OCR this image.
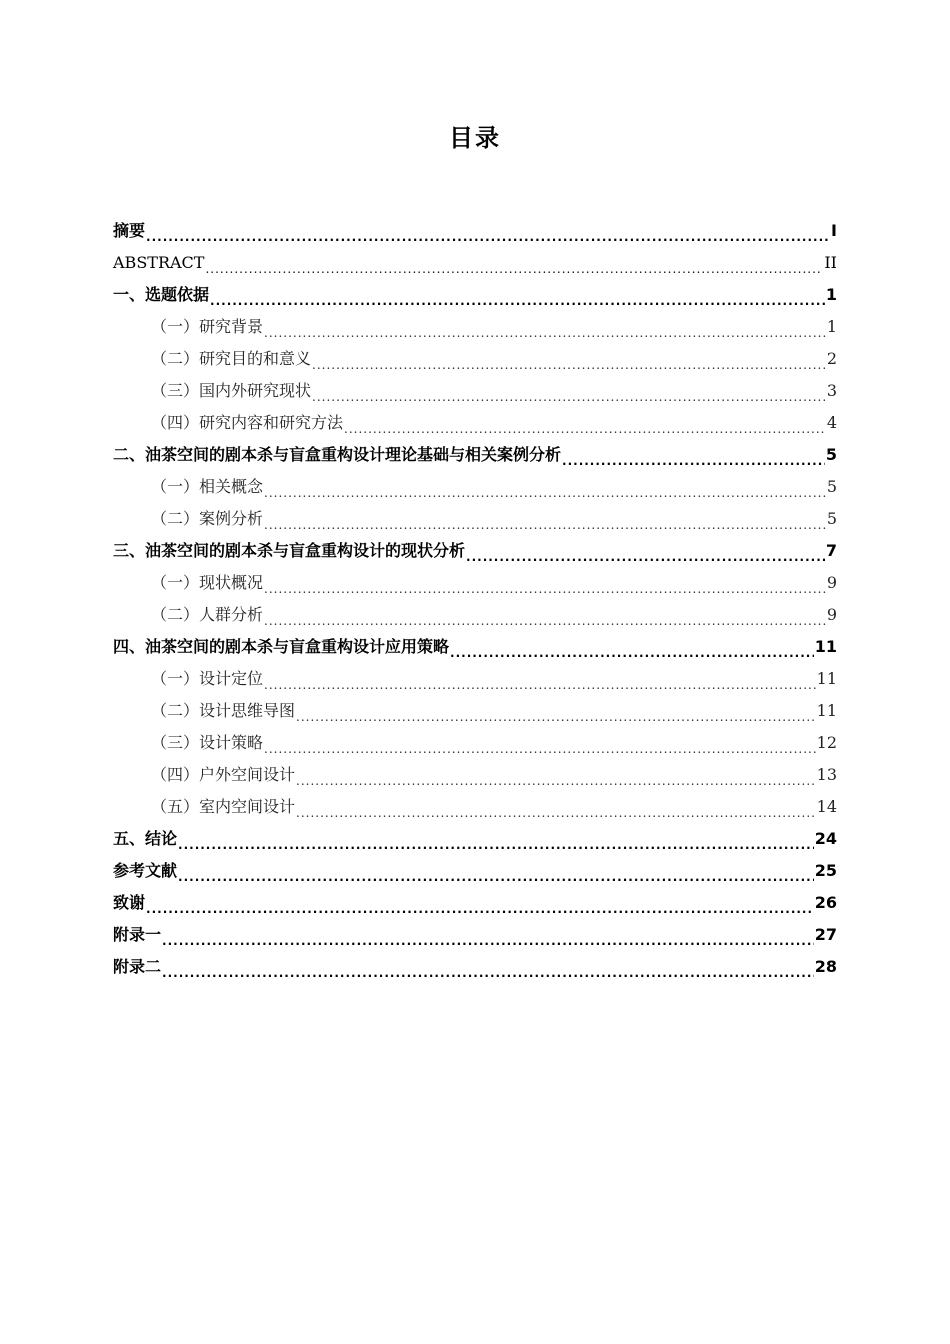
目录
摘要 .....	I
ABSTRACT .....	II
一、选题依据 .....	1
（一）研究背景 .....	1
（二）研究目的和意义 .....	2
（三）国内外研究现状 .....	3
（四）研究内容和研究方法 .....	4
二、油茶空间的剧本杀与盲盒重构设计理论基础与相关案例分析 .....	5
（一）相关概念 .....	5
（二）案例分析 .....	5
三、油茶空间的剧本杀与盲盒重构设计的现状分析 .....	7
（一）现状概况 .....	9
（二）人群分析 .....	9
四、油茶空间的剧本杀与盲盒重构设计应用策略 .....	11
（一）设计定位 .....	11
（二）设计思维导图 .....	11
（三）设计策略 .....	12
（四）户外空间设计 .....	13
（五）室内空间设计 .....	14
五、结论 .....	24
参考文献 .....	25
致谢 .....	26
附录一 .....	27
附录二 .....	28
